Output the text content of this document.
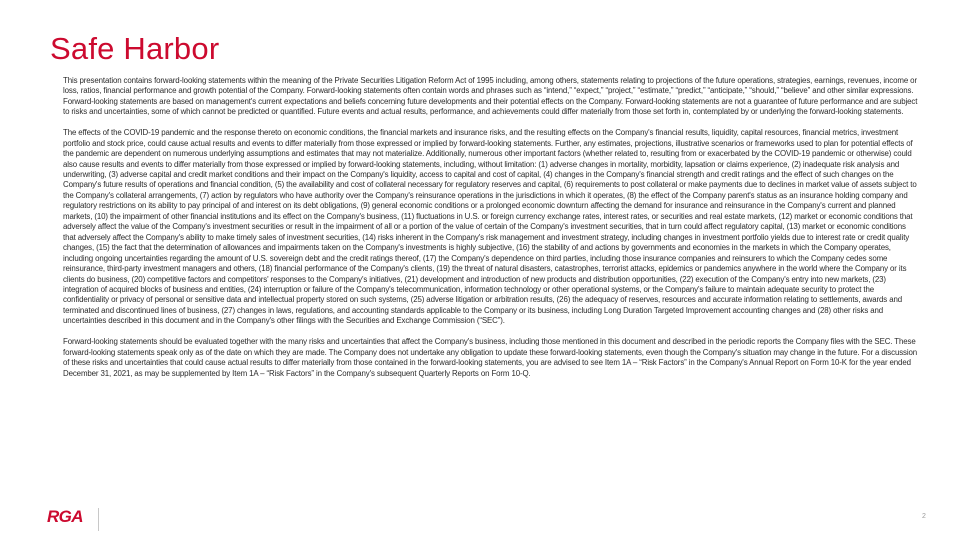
Safe Harbor

This presentation contains forward-looking statements within the meaning of the Private Securities Litigation Reform Act of 1995 including, among others, statements relating to projections of the future operations, strategies, earnings, revenues, income or loss, ratios, financial performance and growth potential of the Company. Forward-looking statements often contain words and phrases such as “intend,” “expect,” “project,” “estimate,” “predict,” “anticipate,” “should,” “believe” and other similar expressions. Forward-looking statements are based on management's current expectations and beliefs concerning future developments and their potential effects on the Company. Forward-looking statements are not a guarantee of future performance and are subject to risks and uncertainties, some of which cannot be predicted or quantified. Future events and actual results, performance, and achievements could differ materially from those set forth in, contemplated by or underlying the forward-looking statements.

The effects of the COVID-19 pandemic and the response thereto on economic conditions, the financial markets and insurance risks, and the resulting effects on the Company's financial results, liquidity, capital resources, financial metrics, investment portfolio and stock price, could cause actual results and events to differ materially from those expressed or implied by forward-looking statements. Further, any estimates, projections, illustrative scenarios or frameworks used to plan for potential effects of the pandemic are dependent on numerous underlying assumptions and estimates that may not materialize. Additionally, numerous other important factors (whether related to, resulting from or exacerbated by the COVID-19 pandemic or otherwise) could also cause results and events to differ materially from those expressed or implied by forward-looking statements, including, without limitation: (1) adverse changes in mortality, morbidity, lapsation or claims experience, (2) inadequate risk analysis and underwriting, (3) adverse capital and credit market conditions and their impact on the Company's liquidity, access to capital and cost of capital, (4) changes in the Company's financial strength and credit ratings and the effect of such changes on the Company's future results of operations and financial condition, (5) the availability and cost of collateral necessary for regulatory reserves and capital, (6) requirements to post collateral or make payments due to declines in market value of assets subject to the Company's collateral arrangements, (7) action by regulators who have authority over the Company's reinsurance operations in the jurisdictions in which it operates, (8) the effect of the Company parent's status as an insurance holding company and regulatory restrictions on its ability to pay principal of and interest on its debt obligations, (9) general economic conditions or a prolonged economic downturn affecting the demand for insurance and reinsurance in the Company's current and planned markets, (10) the impairment of other financial institutions and its effect on the Company's business, (11) fluctuations in U.S. or foreign currency exchange rates, interest rates, or securities and real estate markets, (12) market or economic conditions that adversely affect the value of the Company's investment securities or result in the impairment of all or a portion of the value of certain of the Company's investment securities, that in turn could affect regulatory capital, (13) market or economic conditions that adversely affect the Company's ability to make timely sales of investment securities, (14) risks inherent in the Company's risk management and investment strategy, including changes in investment portfolio yields due to interest rate or credit quality changes, (15) the fact that the determination of allowances and impairments taken on the Company's investments is highly subjective, (16) the stability of and actions by governments and economies in the markets in which the Company operates, including ongoing uncertainties regarding the amount of U.S. sovereign debt and the credit ratings thereof, (17) the Company's dependence on third parties, including those insurance companies and reinsurers to which the Company cedes some reinsurance, third-party investment managers and others, (18) financial performance of the Company's clients, (19) the threat of natural disasters, catastrophes, terrorist attacks, epidemics or pandemics anywhere in the world where the Company or its clients do business, (20) competitive factors and competitors' responses to the Company's initiatives, (21) development and introduction of new products and distribution opportunities, (22) execution of the Company's entry into new markets, (23) integration of acquired blocks of business and entities, (24) interruption or failure of the Company's telecommunication, information technology or other operational systems, or the Company's failure to maintain adequate security to protect the confidentiality or privacy of personal or sensitive data and intellectual property stored on such systems, (25) adverse litigation or arbitration results, (26) the adequacy of reserves, resources and accurate information relating to settlements, awards and terminated and discontinued lines of business, (27) changes in laws, regulations, and accounting standards applicable to the Company or its business, including Long Duration Targeted Improvement accounting changes and (28) other risks and uncertainties described in this document and in the Company's other filings with the Securities and Exchange Commission (“SEC”).

Forward-looking statements should be evaluated together with the many risks and uncertainties that affect the Company's business, including those mentioned in this document and described in the periodic reports the Company files with the SEC. These forward-looking statements speak only as of the date on which they are made. The Company does not undertake any obligation to update these forward-looking statements, even though the Company's situation may change in the future. For a discussion of these risks and uncertainties that could cause actual results to differ materially from those contained in the forward-looking statements, you are advised to see Item 1A – “Risk Factors” in the Company's Annual Report on Form 10-K for the year ended December 31, 2021, as may be supplemented by Item 1A – “Risk Factors” in the Company's subsequent Quarterly Reports on Form 10-Q.

RGA	2
